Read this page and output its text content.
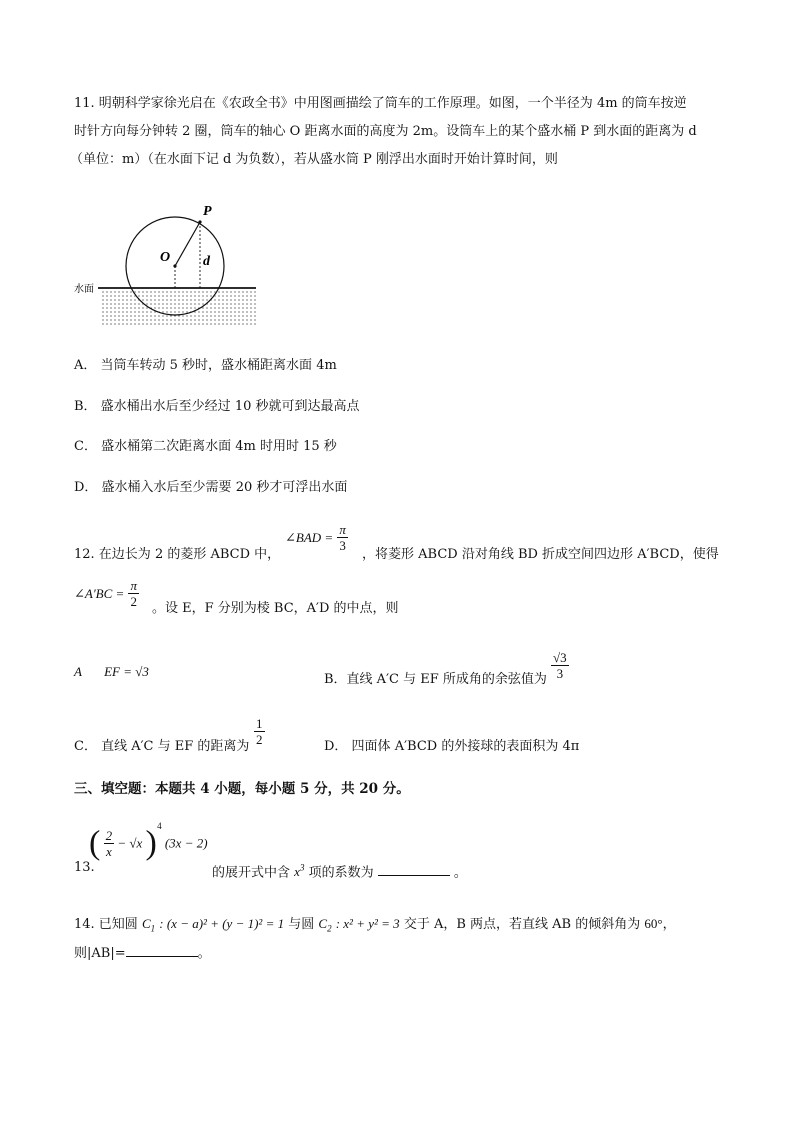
11. 明朝科学家徐光启在《农政全书》中用图画描绘了筒车的工作原理。如图，一个半径为 4m 的筒车按逆
时针方向每分钟转 2 圈，筒车的轴心 O 距离水面的高度为 2m。设筒车上的某个盛水桶 P 到水面的距离为 d
（单位：m）（在水面下记 d 为负数），若从盛水筒 P 刚浮出水面时开始计算时间，则
P
O d
水面
A． 当筒车转动 5 秒时，盛水桶距离水面 4m
B． 盛水桶出水后至少经过 10 秒就可到达最高点
C． 盛水桶第二次距离水面 4m 时用时 15 秒
D． 盛水桶入水后至少需要 20 秒才可浮出水面
12. 在边长为 2 的菱形 ABCD 中，
∠BAD = $\frac{\pi}{3}$
，将菱形 ABCD 沿对角线 BD 折成空间四边形 A′BCD，使得
∠A′BC = $\frac{\pi}{2}$ 。设 E，F 分别为棱 BC，A′D 的中点，则
A EF = √3
B．直线 A′C 与 EF 所成角的余弦值为 $\frac{√3}{3}$
C． 直线 A′C 与 EF 的距离为 $\frac{1}{2}$	D． 四面体 A′BCD 的外接球的表面积为 4π
三、填空题：本题共 4 小题，每小题 5 分，共 20 分。
13.
( $\frac{2}{x} - √x$ ) $^4$ (3x − 2)
的展开式中含 $x^3$ 项的系数为	。
14. 已知圆 $C_1$ : (x − a)² + (y − 1)² = 1 与圆 $C_2$ : x² + y² = 3 交于 A，B 两点，若直线 AB 的倾斜角为 60°，
则|AB|=	。
